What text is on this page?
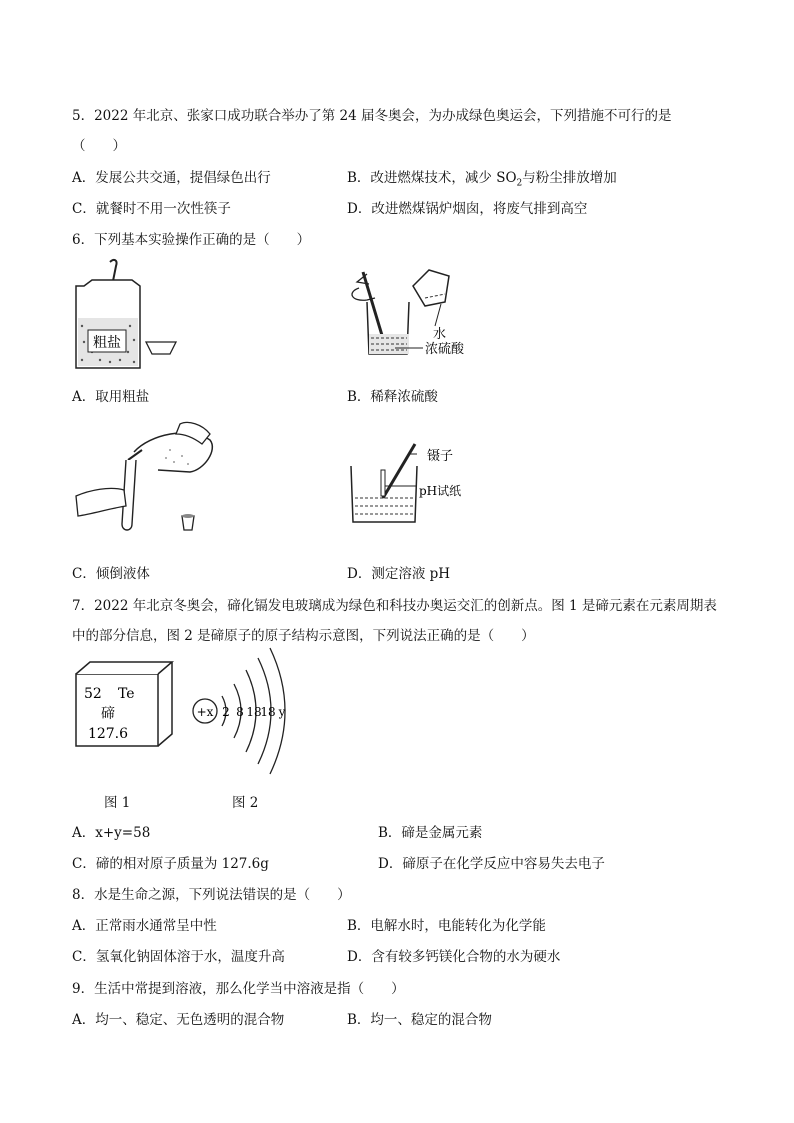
5．2022 年北京、张家口成功联合举办了第 24 届冬奥会，为办成绿色奥运会，下列措施不可行的是
（　　）
A．发展公共交通，提倡绿色出行	B．改进燃煤技术，减少 $SO_2$与粉尘排放增加
C．就餐时不用一次性筷子	D．改进燃煤锅炉烟囱，将废气排到高空
6．下列基本实验操作正确的是（　　）
粗盐
A．取用粗盐
水
浓硫酸
B．稀释浓硫酸
C．倾倒液体
镊子
pH试纸
D．测定溶液 pH
7．2022 年北京冬奥会，碲化镉发电玻璃成为绿色和科技办奥运交汇的创新点。图 1 是碲元素在元素周期表
中的部分信息，图 2 是碲原子的原子结构示意图，下列说法正确的是（　　）
52 Te
碲
127.6
+x 2 8 18
18 y
图 1	图 2
A．x+y=58	B．碲是金属元素
C．碲的相对原子质量为 127.6g	D．碲原子在化学反应中容易失去电子
8．水是生命之源，下列说法错误的是（　　）
A．正常雨水通常呈中性	B．电解水时，电能转化为化学能
C．氢氧化钠固体溶于水，温度升高	D．含有较多钙镁化合物的水为硬水
9．生活中常提到溶液，那么化学当中溶液是指（　　）
A．均一、稳定、无色透明的混合物	B．均一、稳定的混合物
